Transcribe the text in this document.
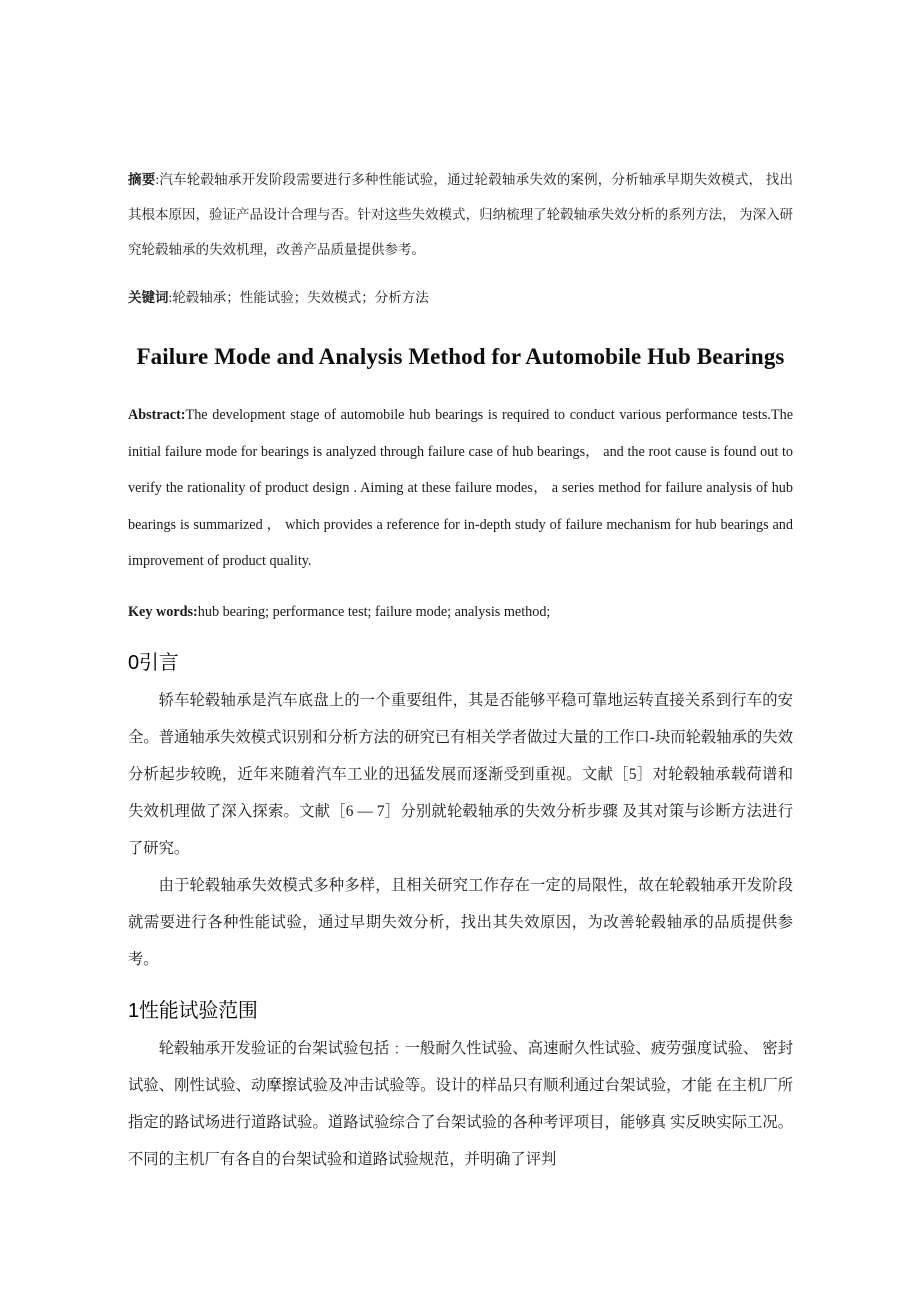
摘要:汽车轮毂轴承开发阶段需要进行多种性能试验，通过轮毂轴承失效的案例，分析轴承早期失效模式， 找出其根本原因，验证产品设计合理与否。针对这些失效模式，归纳梳理了轮毂轴承失效分析的系列方法， 为深入研究轮毂轴承的失效机理，改善产品质量提供参考。

关键词:轮毂轴承；性能试验；失效模式；分析方法

Failure Mode and Analysis Method for Automobile Hub Bearings

Abstract:The development stage of automobile hub bearings is required to conduct various performance tests.The initial failure mode for bearings is analyzed through failure case of hub bearings， and the root cause is found out to verify the rationality of product design . Aiming at these failure modes， a series method for failure analysis of hub bearings is summarized ， which provides a reference for in-depth study of failure mechanism for hub bearings and improvement of product quality.

Key words:hub bearing; performance test; failure mode; analysis method;

0引言

轿车轮毂轴承是汽车底盘上的一个重要组件，其是否能够平稳可靠地运转直接关系到行车的安全。普通轴承失效模式识别和分析方法的研究已有相关学者做过大量的工作口-玦而轮毂轴承的失效分析起步较晚，近年来随着汽车工业的迅猛发展而逐渐受到重视。文献［5］对轮毂轴承载荷谱和失效机理做了深入探索。文献［6 — 7］分别就轮毂轴承的失效分析步骤 及其对策与诊断方法进行了研究。

由于轮毂轴承失效模式多种多样，且相关研究工作存在一定的局限性，故在轮毂轴承开发阶段就需要进行各种性能试验，通过早期失效分析，找出其失效原因，为改善轮毂轴承的品质提供参考。

1性能试验范围

轮毂轴承开发验证的台架试验包括﹕一般耐久性试验、高速耐久性试验、疲劳强度试验、 密封试验、刚性试验、动摩擦试验及冲击试验等。设计的样品只有顺利通过台架试验，才能 在主机厂所指定的路试场进行道路试验。道路试验综合了台架试验的各种考评项目，能够真 实反映实际工况。不同的主机厂有各自的台架试验和道路试验规范，并明确了评判
